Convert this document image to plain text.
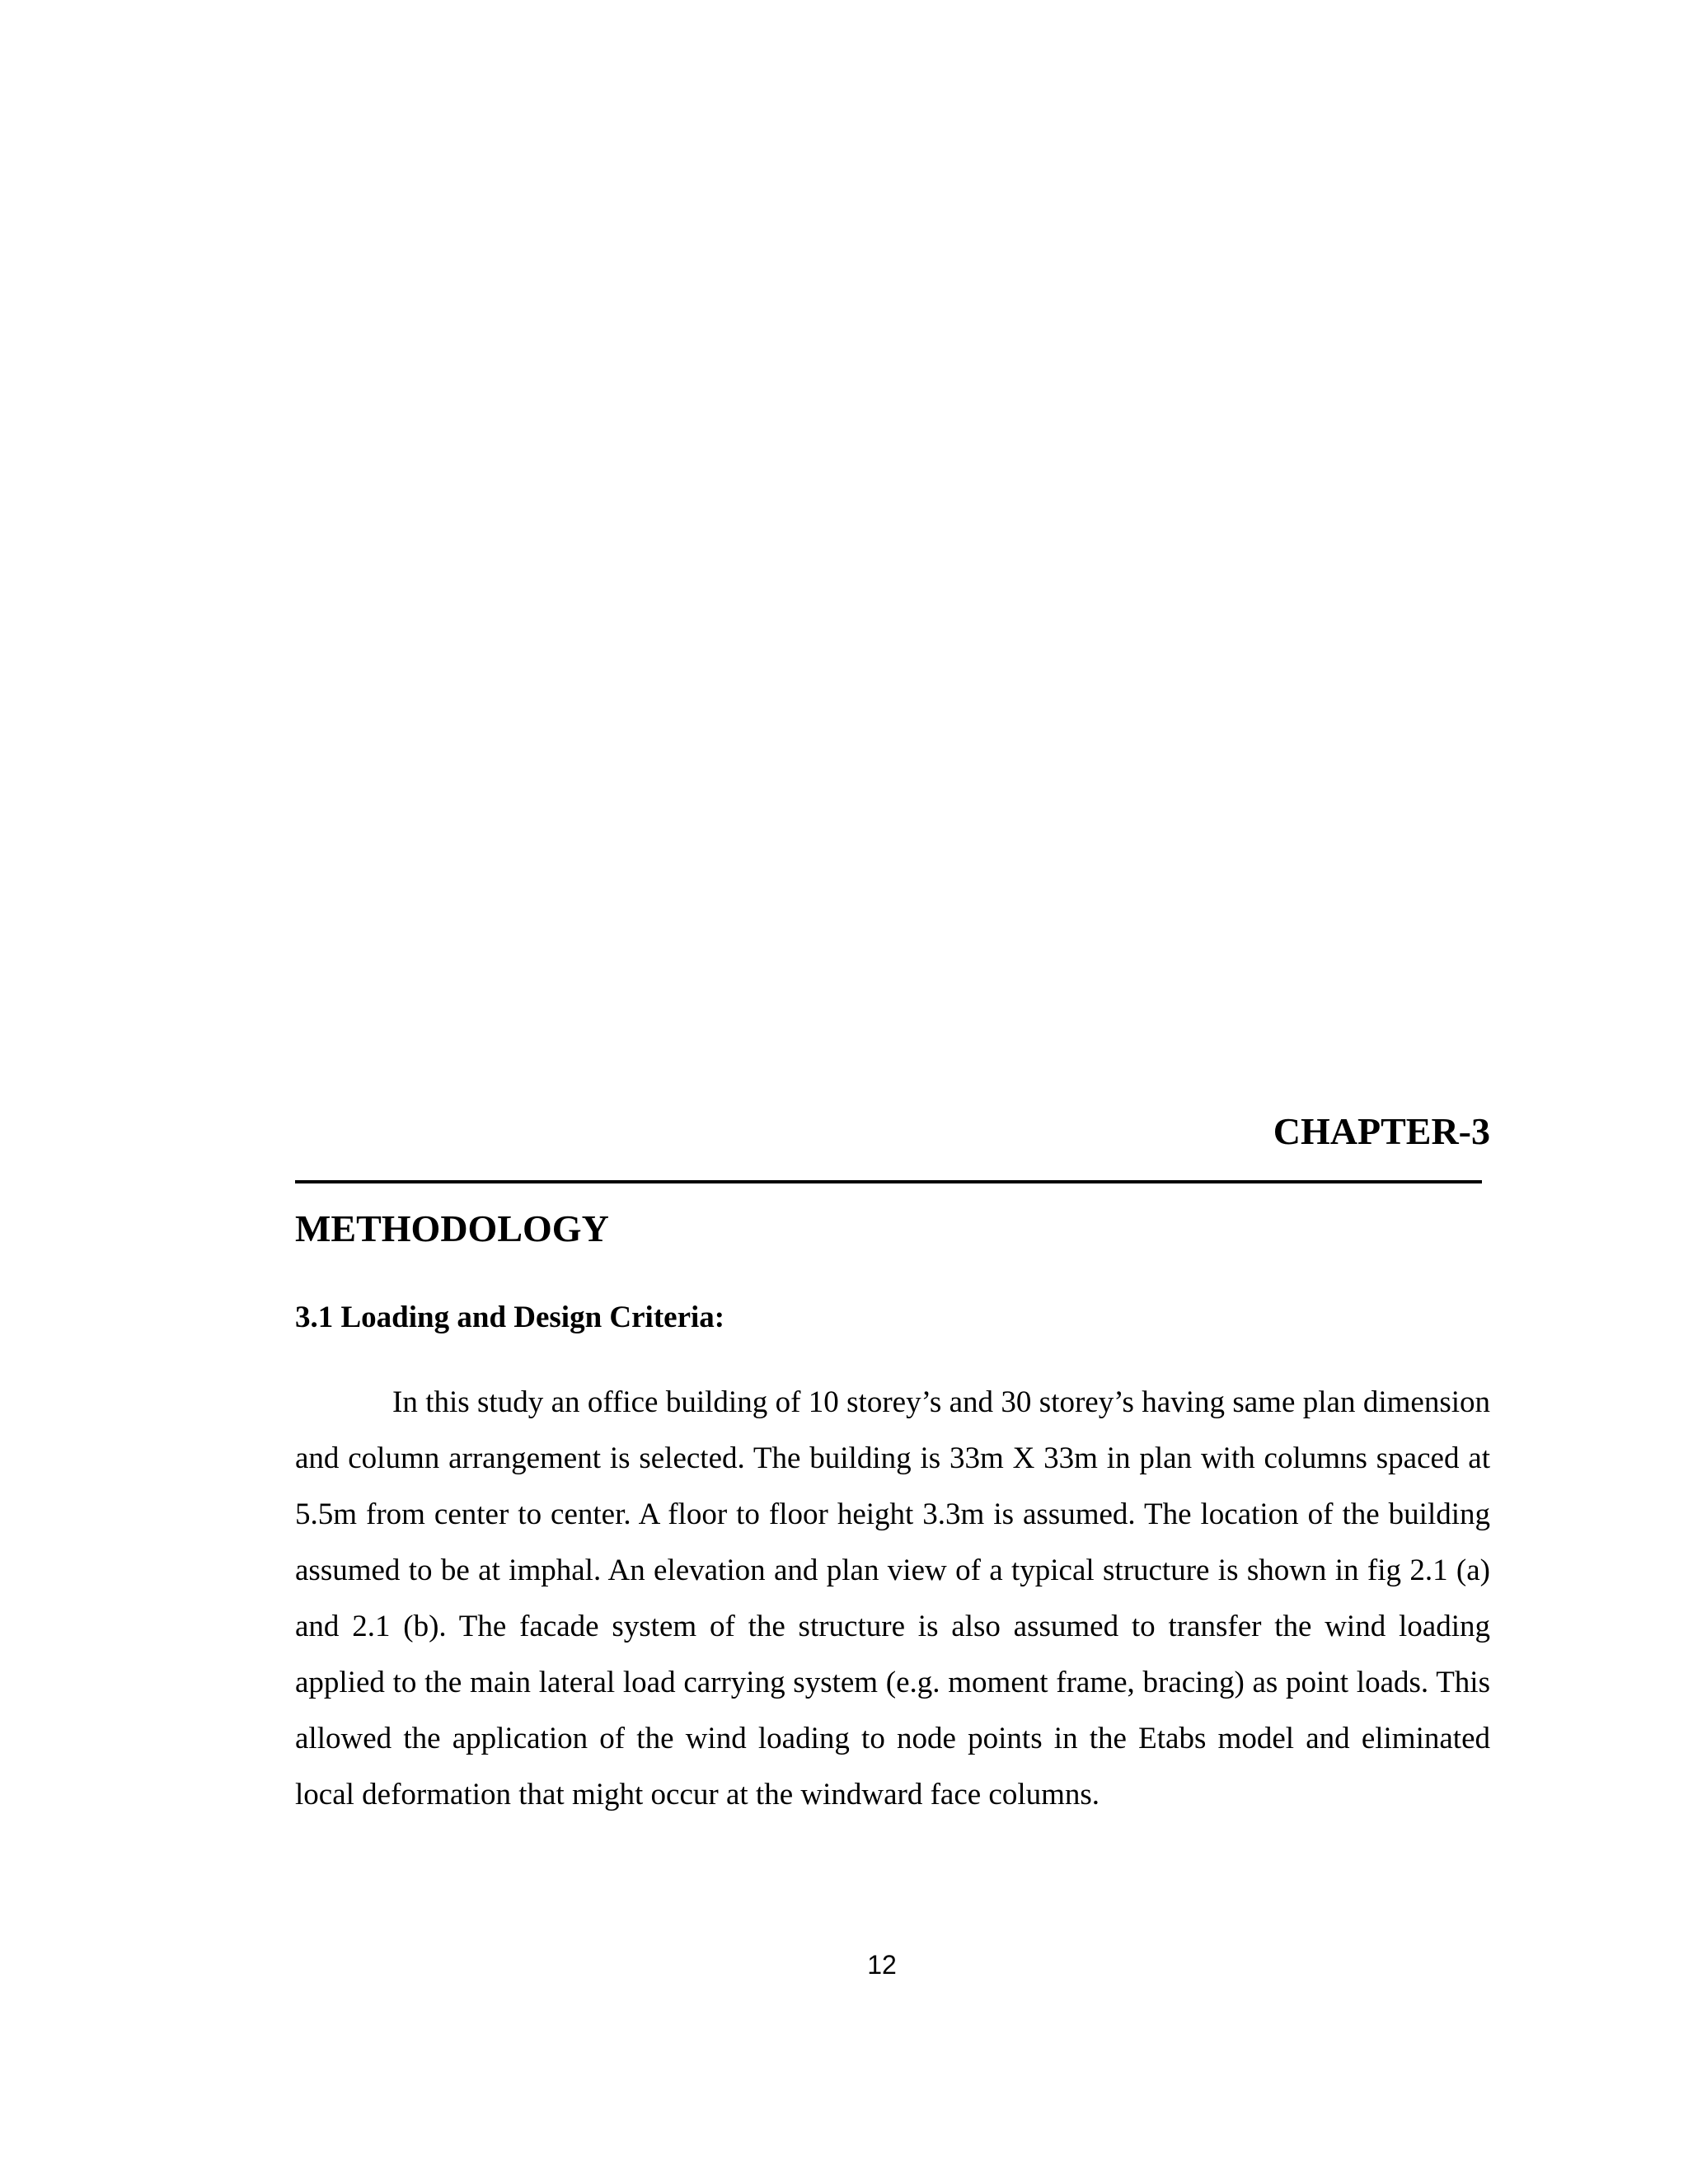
CHAPTER-3
METHODOLOGY
3.1 Loading and Design Criteria:

In this study an office building of 10 storey’s and 30 storey’s having same plan dimension and column arrangement is selected. The building is 33m X 33m in plan with columns spaced at 5.5m from center to center. A floor to floor height 3.3m is assumed. The location of the building assumed to be at imphal. An elevation and plan view of a typical structure is shown in fig 2.1 (a) and 2.1 (b). The facade system of the structure is also assumed to transfer the wind loading applied to the main lateral load carrying system (e.g. moment frame, bracing) as point loads. This allowed the application of the wind loading to node points in the Etabs model and eliminated local deformation that might occur at the windward face columns.

12
